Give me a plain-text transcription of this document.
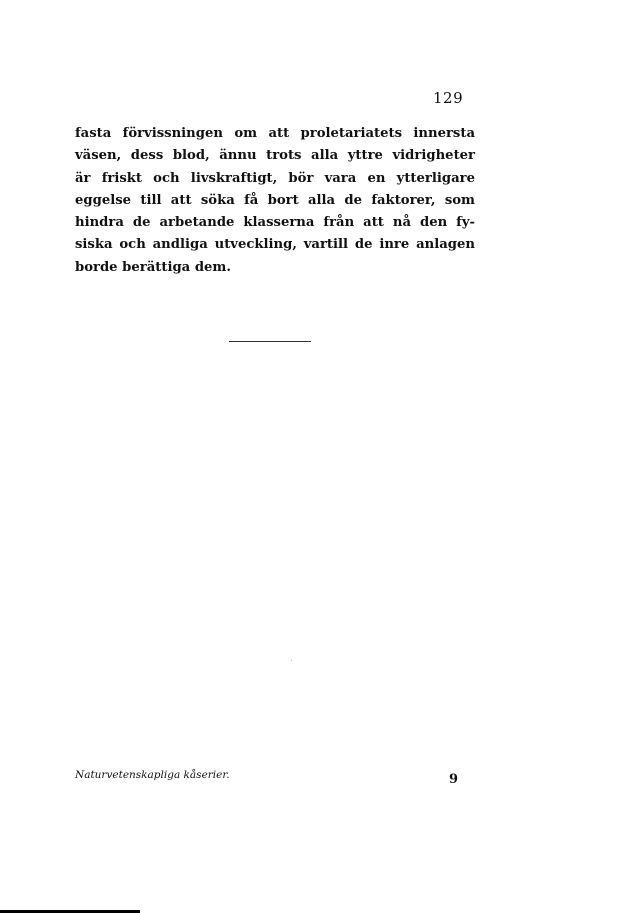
129
fasta förvissningen om att proletariatets innersta
väsen, dess blod, ännu trots alla yttre vidrigheter
är friskt och livskraftigt, bör vara en ytterligare
eggelse till att söka få bort alla de faktorer, som
hindra de arbetande klasserna från att nå den fy-
siska och andliga utveckling, vartill de inre anlagen
borde berättiga dem.
Naturvetenskapliga kåserier.	9
